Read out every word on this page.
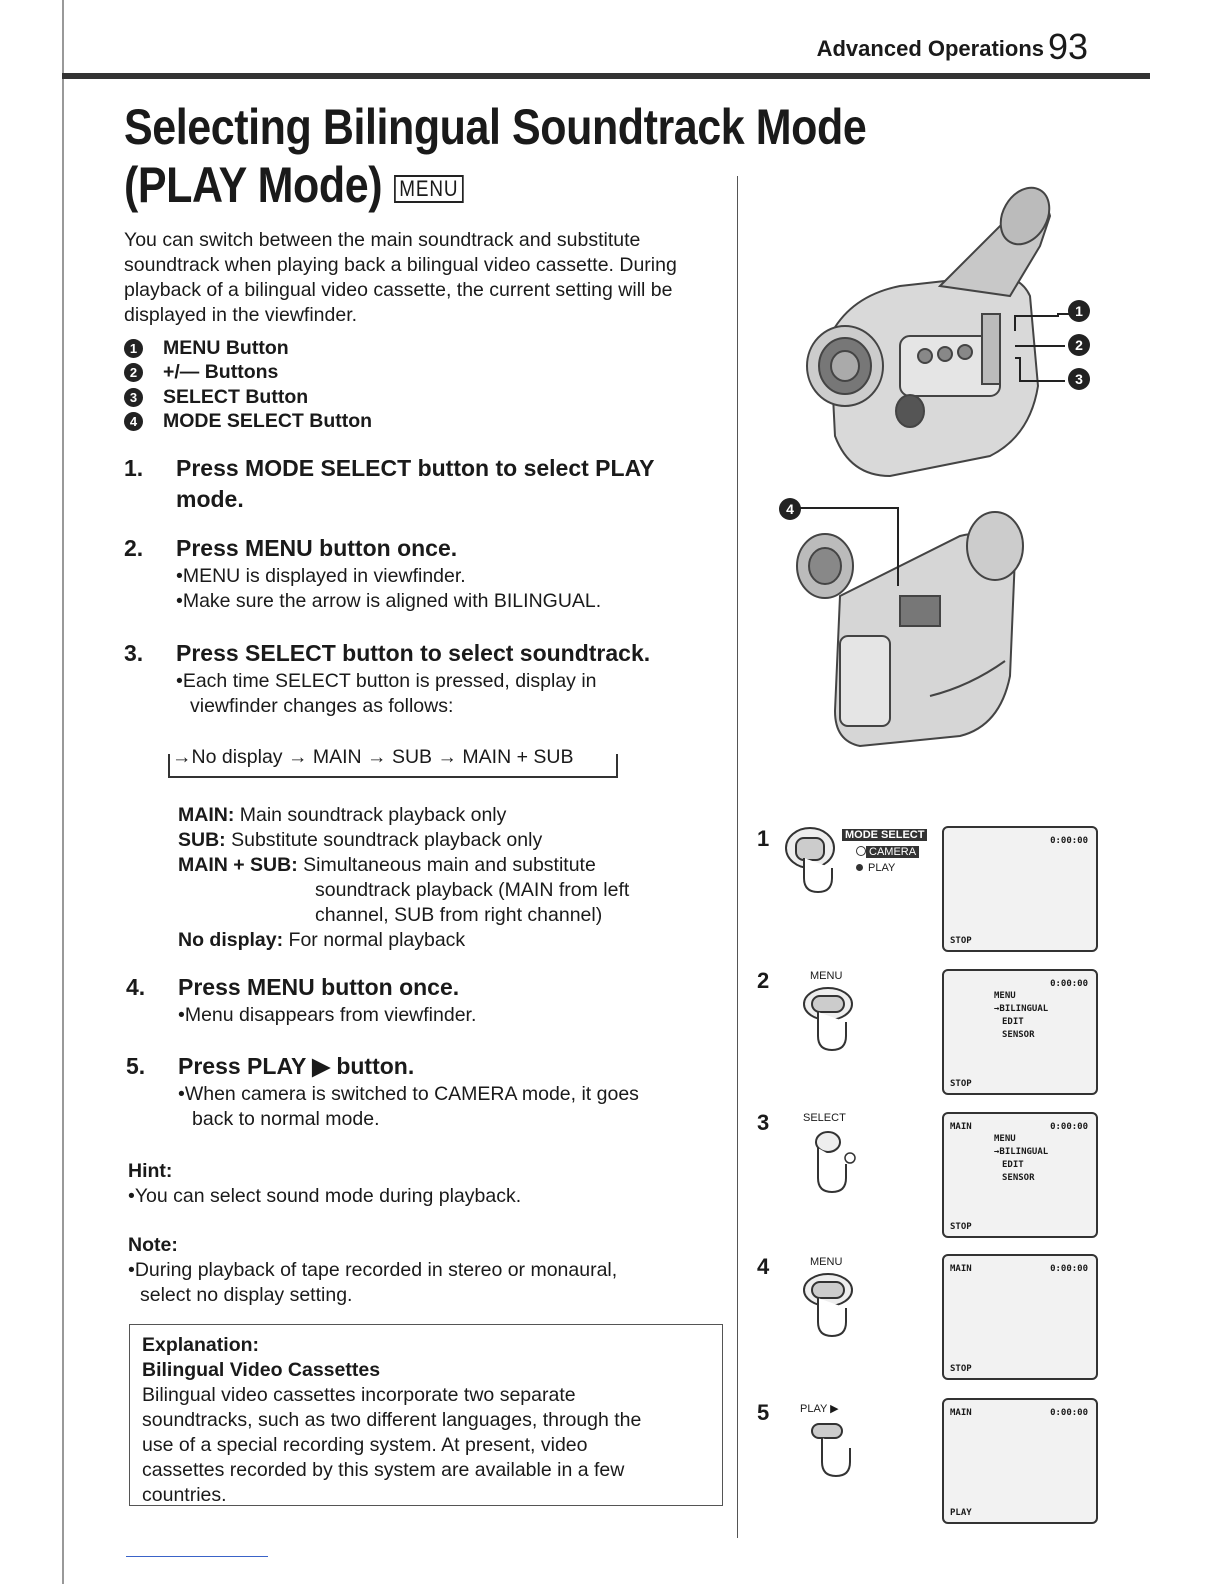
Advanced Operations 93
Selecting Bilingual Soundtrack Mode
(PLAY Mode) MENU
You can switch between the main soundtrack and substitute soundtrack when playing back a bilingual video cassette. During playback of a bilingual video cassette, the current setting will be displayed in the viewfinder.
1	MENU Button
2	+/— Buttons
3	SELECT Button
4	MODE SELECT Button
1. Press MODE SELECT button to select PLAY
mode.
2. Press MENU button once.
•MENU is displayed in viewfinder.
•Make sure the arrow is aligned with BILINGUAL.
3. Press SELECT button to select soundtrack.
•Each time SELECT button is pressed, display in
viewfinder changes as follows:
→No display → MAIN → SUB → MAIN + SUB
MAIN: Main soundtrack playback only
SUB: Substitute soundtrack playback only
MAIN + SUB: Simultaneous main and substitute
soundtrack playback (MAIN from left
channel, SUB from right channel)
No display: For normal playback
4. Press MENU button once.
•Menu disappears from viewfinder.
5. Press PLAY ▶ button.
•When camera is switched to CAMERA mode, it goes
back to normal mode.
Hint:
•You can select sound mode during playback.
Note:
•During playback of tape recorded in stereo or monaural,
select no display setting.
Explanation:
Bilingual Video Cassettes
Bilingual video cassettes incorporate two separate
soundtracks, such as two different languages, through the
use of a special recording system. At present, video
cassettes recorded by this system are available in a few
countries.
1
2
3
4
1	MODE SELECT
CAMERA
PLAY
0:00:00
STOP
2	MENU
0:00:00
MENU
→BILINGUAL
EDIT
SENSOR
STOP
3	SELECT
MAIN	0:00:00
MENU
→BILINGUAL
EDIT
SENSOR
STOP
4	MENU
MAIN	0:00:00
STOP
5	PLAY ▶	MAIN	0:00:00
PLAY
